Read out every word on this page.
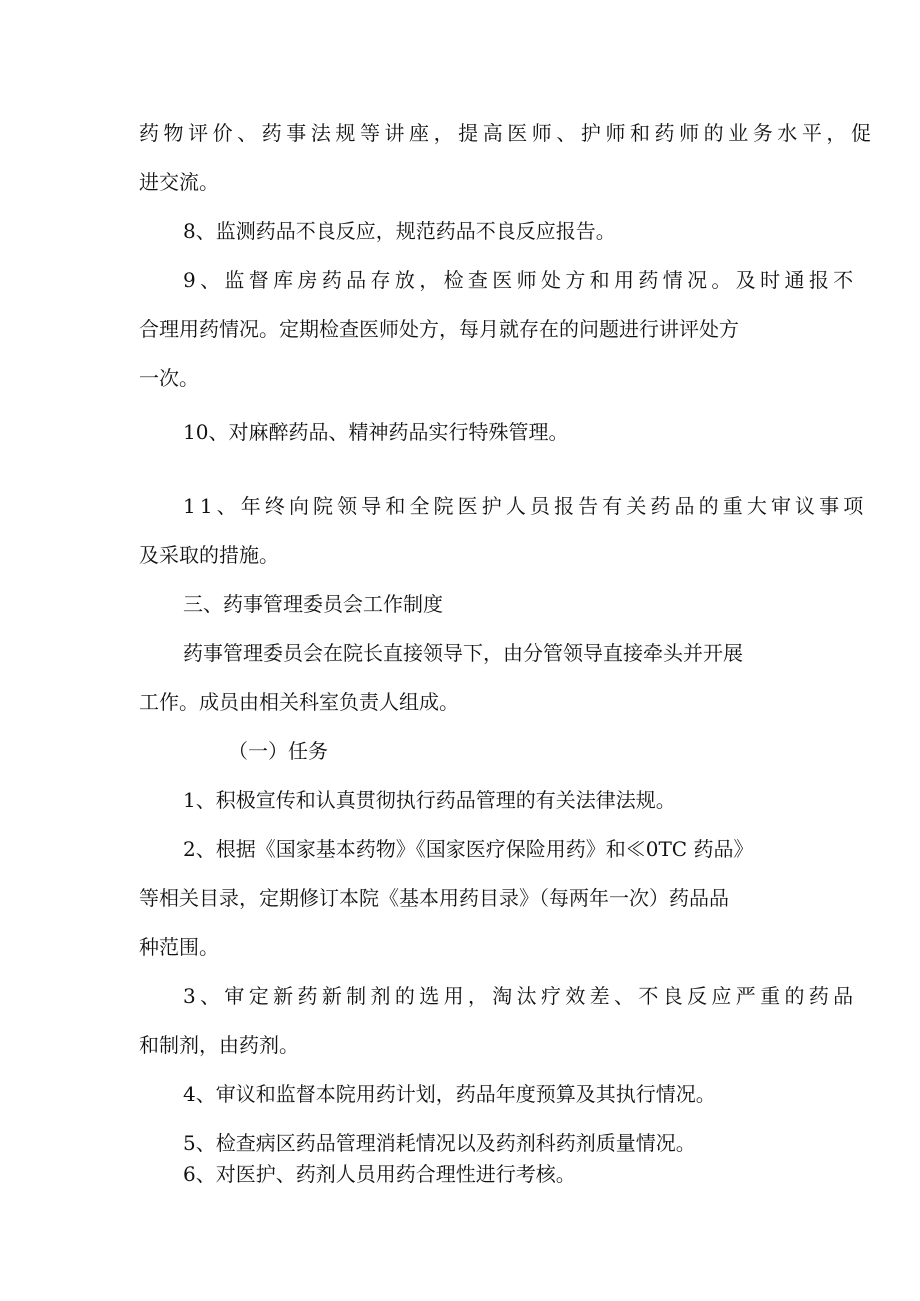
药物评价、药事法规等讲座，提高医师、护师和药师的业务水平，促

进交流。

8、监测药品不良反应，规范药品不良反应报告。

9、监督库房药品存放，检查医师处方和用药情况。及时通报不

合理用药情况。定期检查医师处方，每月就存在的问题进行讲评处方

一次。

10、对麻醉药品、精神药品实行特殊管理。

11、年终向院领导和全院医护人员报告有关药品的重大审议事项

及采取的措施。

三、药事管理委员会工作制度

药事管理委员会在院长直接领导下，由分管领导直接牵头并开展

工作。成员由相关科室负责人组成。

（一）任务

1、积极宣传和认真贯彻执行药品管理的有关法律法规。

2、根据《国家基本药物》《国家医疗保险用药》和≪0TC 药品》

等相关目录，定期修订本院《基本用药目录》（每两年一次）药品品

种范围。

3、审定新药新制剂的选用，淘汰疗效差、不良反应严重的药品

和制剂，由药剂。

4、审议和监督本院用药计划，药品年度预算及其执行情况。

5、检查病区药品管理消耗情况以及药剂科药剂质量情况。

6、对医护、药剂人员用药合理性进行考核。
